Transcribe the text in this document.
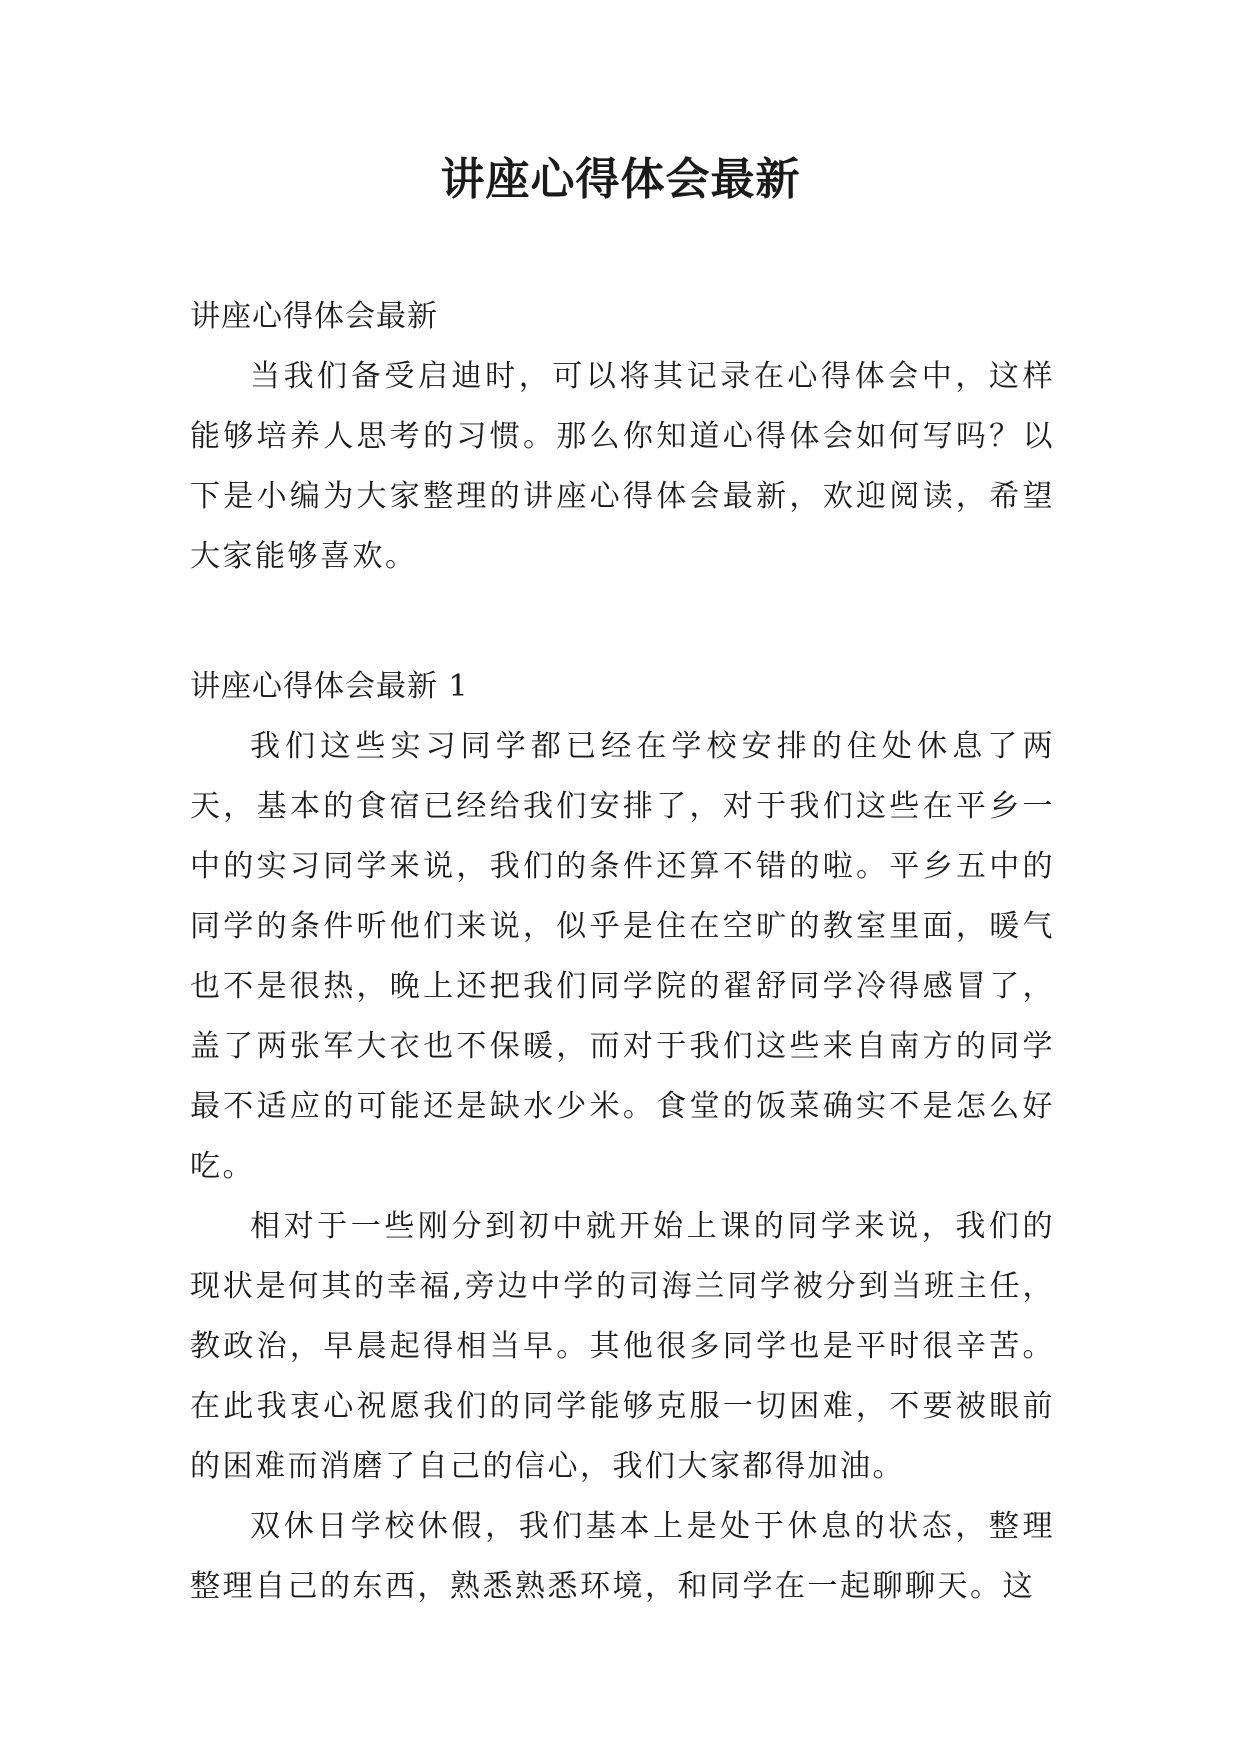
讲座心得体会最新

讲座心得体会最新

当我们备受启迪时，可以将其记录在心得体会中，这样能够培养人思考的习惯。那么你知道心得体会如何写吗？以下是小编为大家整理的讲座心得体会最新，欢迎阅读，希望大家能够喜欢。

讲座心得体会最新 1

我们这些实习同学都已经在学校安排的住处休息了两天，基本的食宿已经给我们安排了，对于我们这些在平乡一中的实习同学来说，我们的条件还算不错的啦。平乡五中的同学的条件听他们来说，似乎是住在空旷的教室里面，暖气也不是很热，晚上还把我们同学院的翟舒同学冷得感冒了，盖了两张军大衣也不保暖，而对于我们这些来自南方的同学最不适应的可能还是缺水少米。食堂的饭菜确实不是怎么好吃。

相对于一些刚分到初中就开始上课的同学来说，我们的现状是何其的幸福,旁边中学的司海兰同学被分到当班主任，教政治，早晨起得相当早。其他很多同学也是平时很辛苦。在此我衷心祝愿我们的同学能够克服一切困难，不要被眼前的困难而消磨了自己的信心，我们大家都得加油。

双休日学校休假，我们基本上是处于休息的状态，整理整理自己的东西，熟悉熟悉环境，和同学在一起聊聊天。这
